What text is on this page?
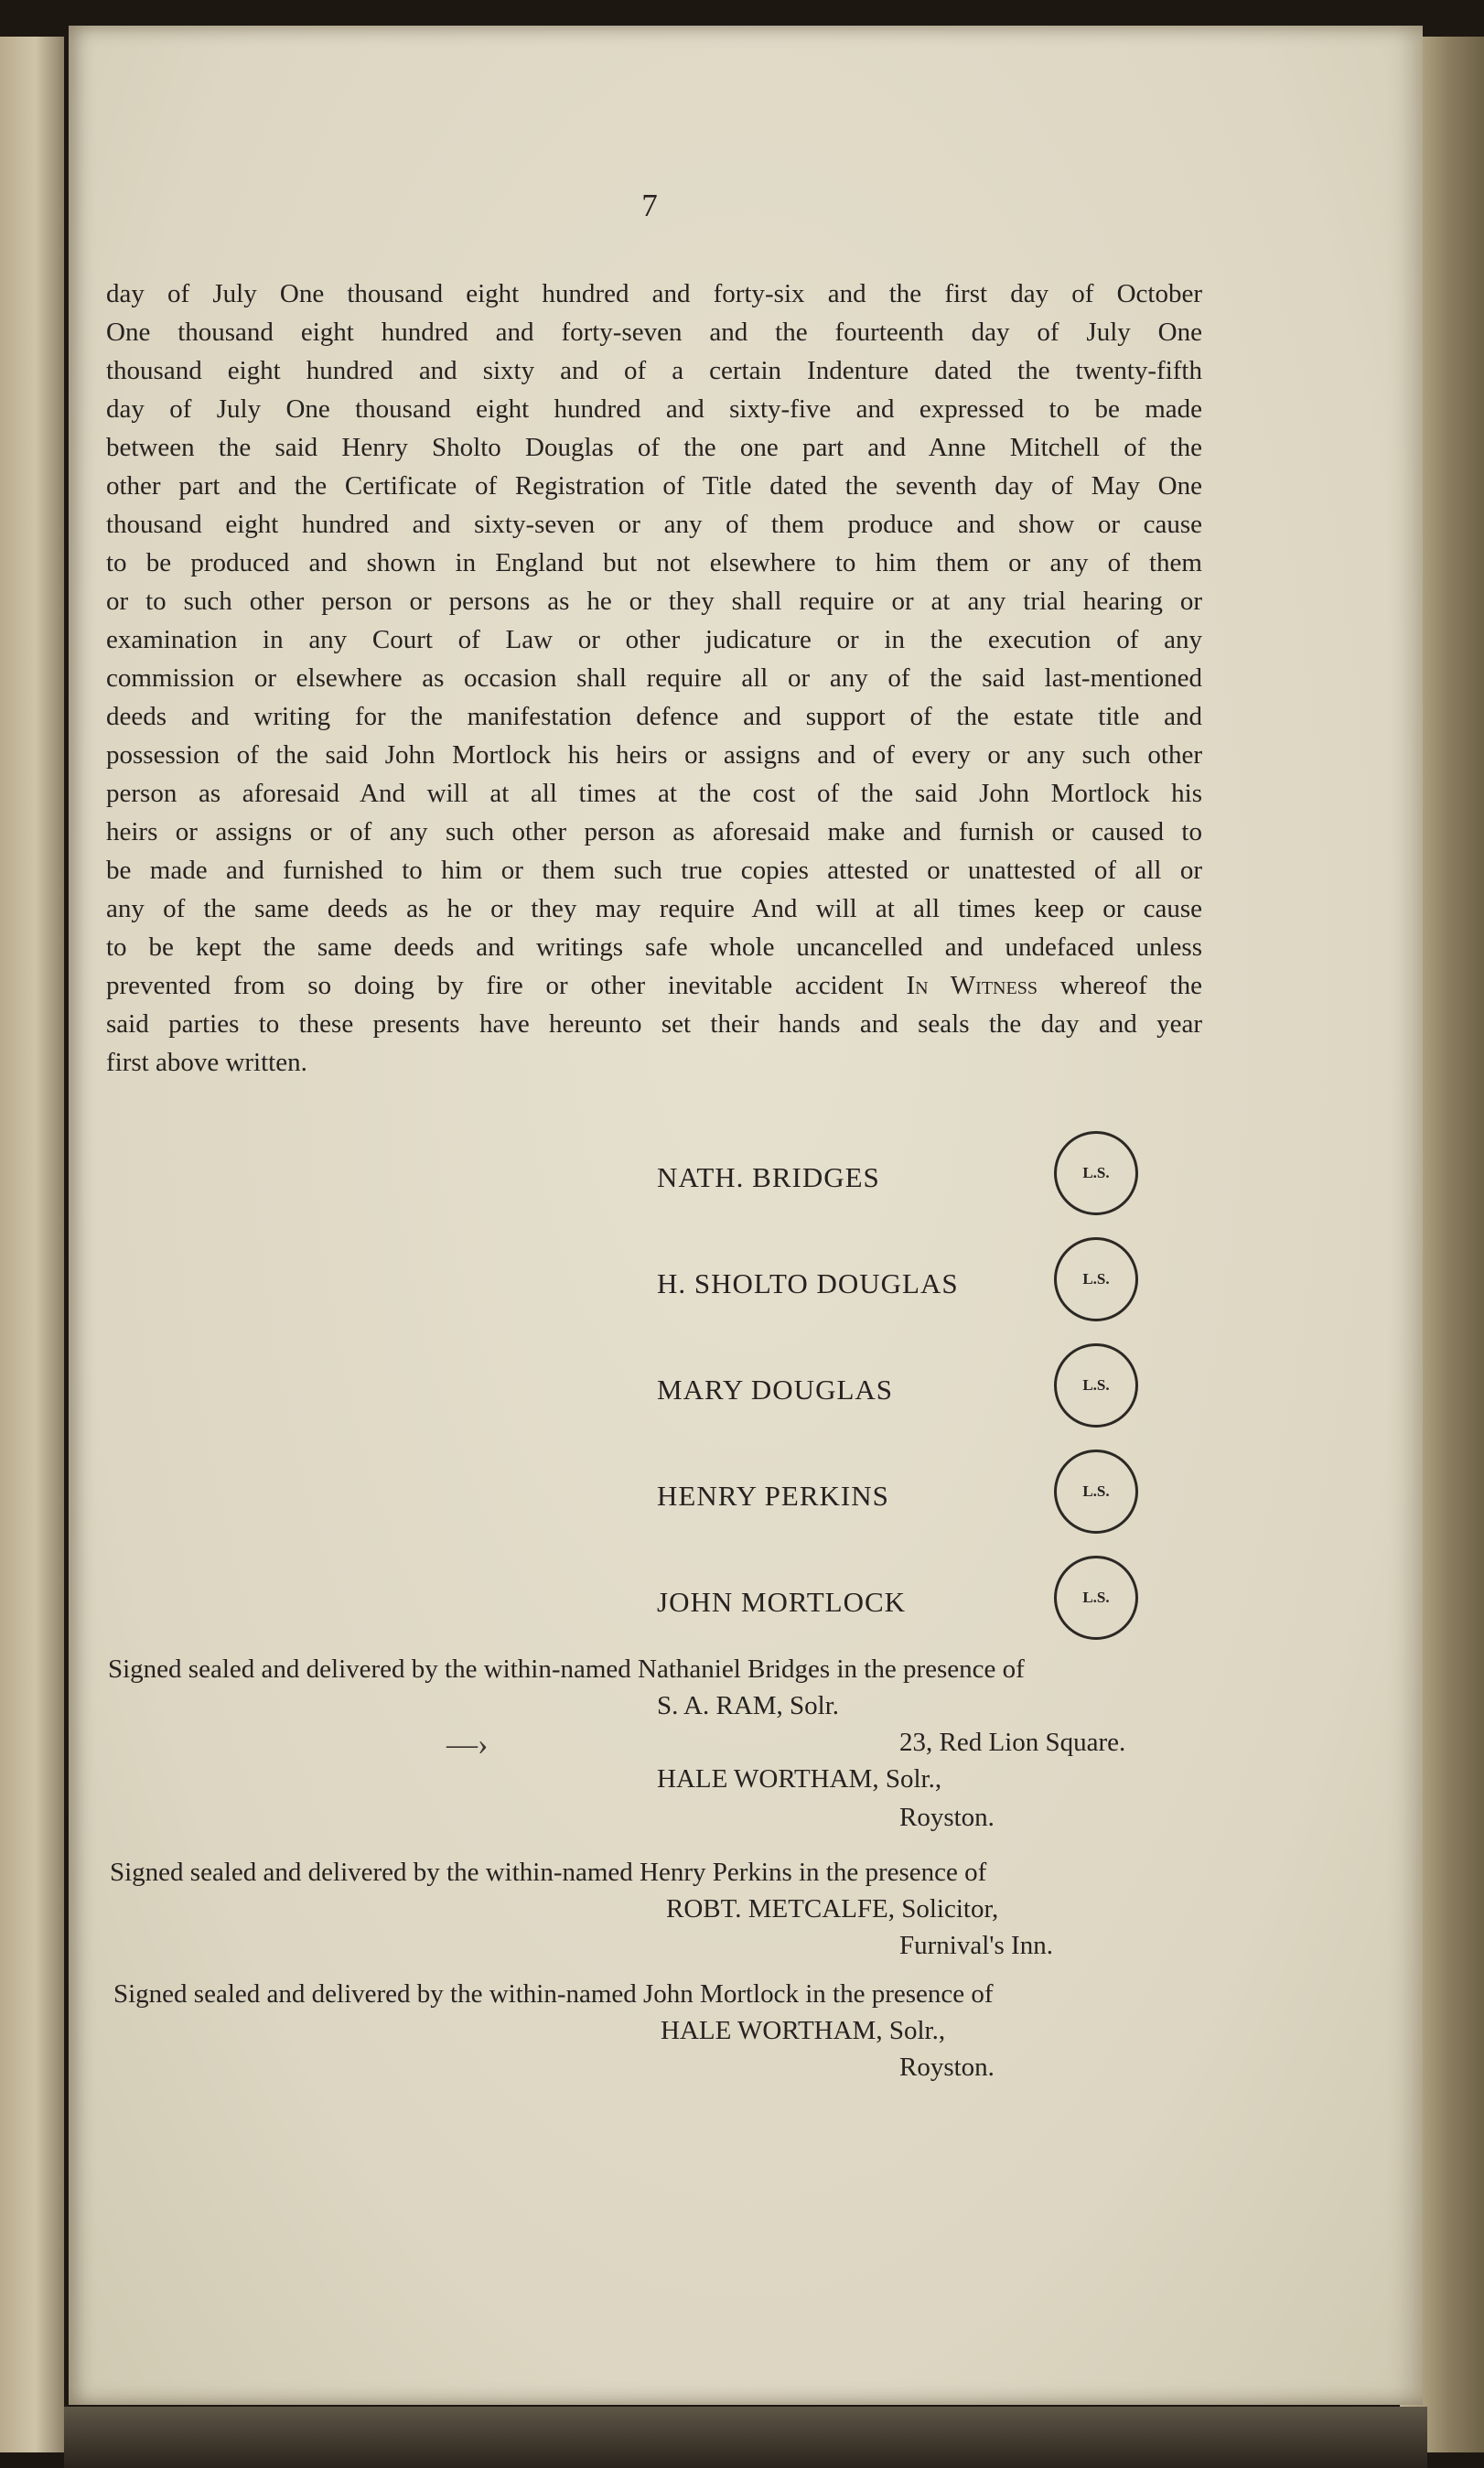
7
day of July One thousand eight hundred and forty-six and the first day of October
One thousand eight hundred and forty-seven and the fourteenth day of July One
thousand eight hundred and sixty and of a certain Indenture dated the twenty-fifth
day of July One thousand eight hundred and sixty-five and expressed to be made
between the said Henry Sholto Douglas of the one part and Anne Mitchell of the
other part and the Certificate of Registration of Title dated the seventh day of May One
thousand eight hundred and sixty-seven or any of them produce and show or cause
to be produced and shown in England but not elsewhere to him them or any of them
or to such other person or persons as he or they shall require or at any trial hearing or
examination in any Court of Law or other judicature or in the execution of any
commission or elsewhere as occasion shall require all or any of the said last-mentioned
deeds and writing for the manifestation defence and support of the estate title and
possession of the said John Mortlock his heirs or assigns and of every or any such other
person as aforesaid And will at all times at the cost of the said John Mortlock his
heirs or assigns or of any such other person as aforesaid make and furnish or caused to
be made and furnished to him or them such true copies attested or unattested of all or
any of the same deeds as he or they may require And will at all times keep or cause
to be kept the same deeds and writings safe whole uncancelled and undefaced unless
prevented from so doing by fire or other inevitable accident In Witness whereof the
said parties to these presents have hereunto set their hands and seals the day and year
first above written.
NATH. BRIDGES	L.S.
H. SHOLTO DOUGLAS	L.S.
MARY DOUGLAS	L.S.
HENRY PERKINS	L.S.
JOHN MORTLOCK	L.S.
Signed sealed and delivered by the within-named Nathaniel Bridges in the presence of
S. A. RAM, Solr.
—›	23, Red Lion Square.
HALE WORTHAM, Solr.,
Royston.
Signed sealed and delivered by the within-named Henry Perkins in the presence of
ROBT. METCALFE, Solicitor,
Furnival's Inn.
Signed sealed and delivered by the within-named John Mortlock in the presence of
HALE WORTHAM, Solr.,
Royston.
